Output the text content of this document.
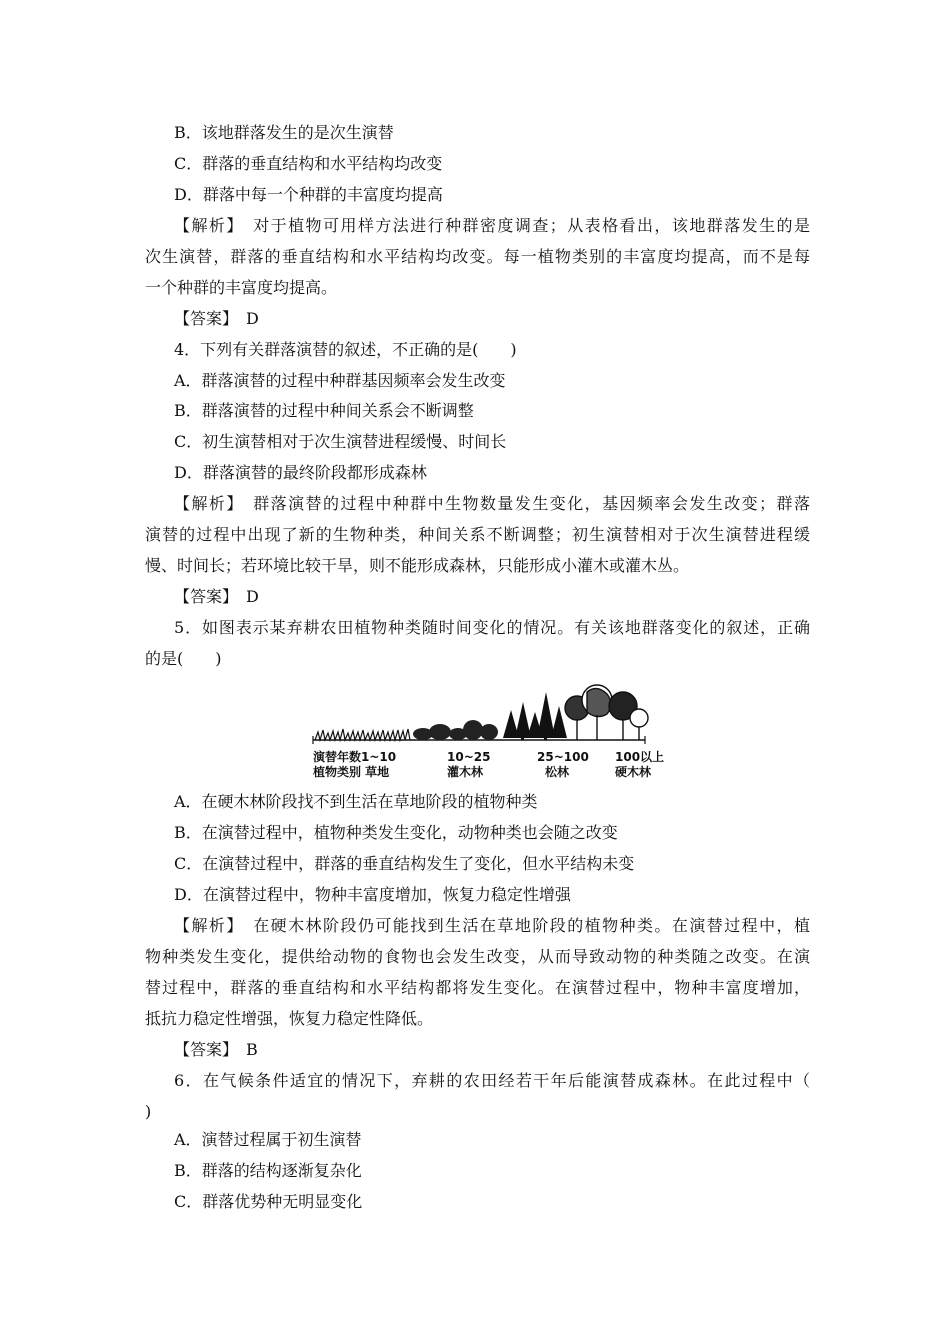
B．该地群落发生的是次生演替
C．群落的垂直结构和水平结构均改变
D．群落中每一个种群的丰富度均提高
【解析】　对于植物可用样方法进行种群密度调查；从表格看出，该地群落发生的是
次生演替，群落的垂直结构和水平结构均改变。每一植物类别的丰富度均提高，而不是每
一个种群的丰富度均提高。
【答案】　D
4．下列有关群落演替的叙述，不正确的是(　　)
A．群落演替的过程中种群基因频率会发生改变
B．群落演替的过程中种间关系会不断调整
C．初生演替相对于次生演替进程缓慢、时间长
D．群落演替的最终阶段都形成森林
【解析】　群落演替的过程中种群中生物数量发生变化，基因频率会发生改变；群落
演替的过程中出现了新的生物种类，种间关系不断调整；初生演替相对于次生演替进程缓
慢、时间长；若环境比较干旱，则不能形成森林，只能形成小灌木或灌木丛。
【答案】　D
5．如图表示某弃耕农田植物种类随时间变化的情况。有关该地群落变化的叙述，正确
的是(　　)
演替年数1~10
植物类别 草地
10~25
灌木林
25~100
松林
100以上
硬木林
A．在硬木林阶段找不到生活在草地阶段的植物种类
B．在演替过程中，植物种类发生变化，动物种类也会随之改变
C．在演替过程中，群落的垂直结构发生了变化，但水平结构未变
D．在演替过程中，物种丰富度增加，恢复力稳定性增强
【解析】　在硬木林阶段仍可能找到生活在草地阶段的植物种类。在演替过程中，植
物种类发生变化，提供给动物的食物也会发生改变，从而导致动物的种类随之改变。在演
替过程中，群落的垂直结构和水平结构都将发生变化。在演替过程中，物种丰富度增加，
抵抗力稳定性增强，恢复力稳定性降低。
【答案】　B
6．在气候条件适宜的情况下，弃耕的农田经若干年后能演替成森林。在此过程中（
)
A．演替过程属于初生演替
B．群落的结构逐渐复杂化
C．群落优势种无明显变化
